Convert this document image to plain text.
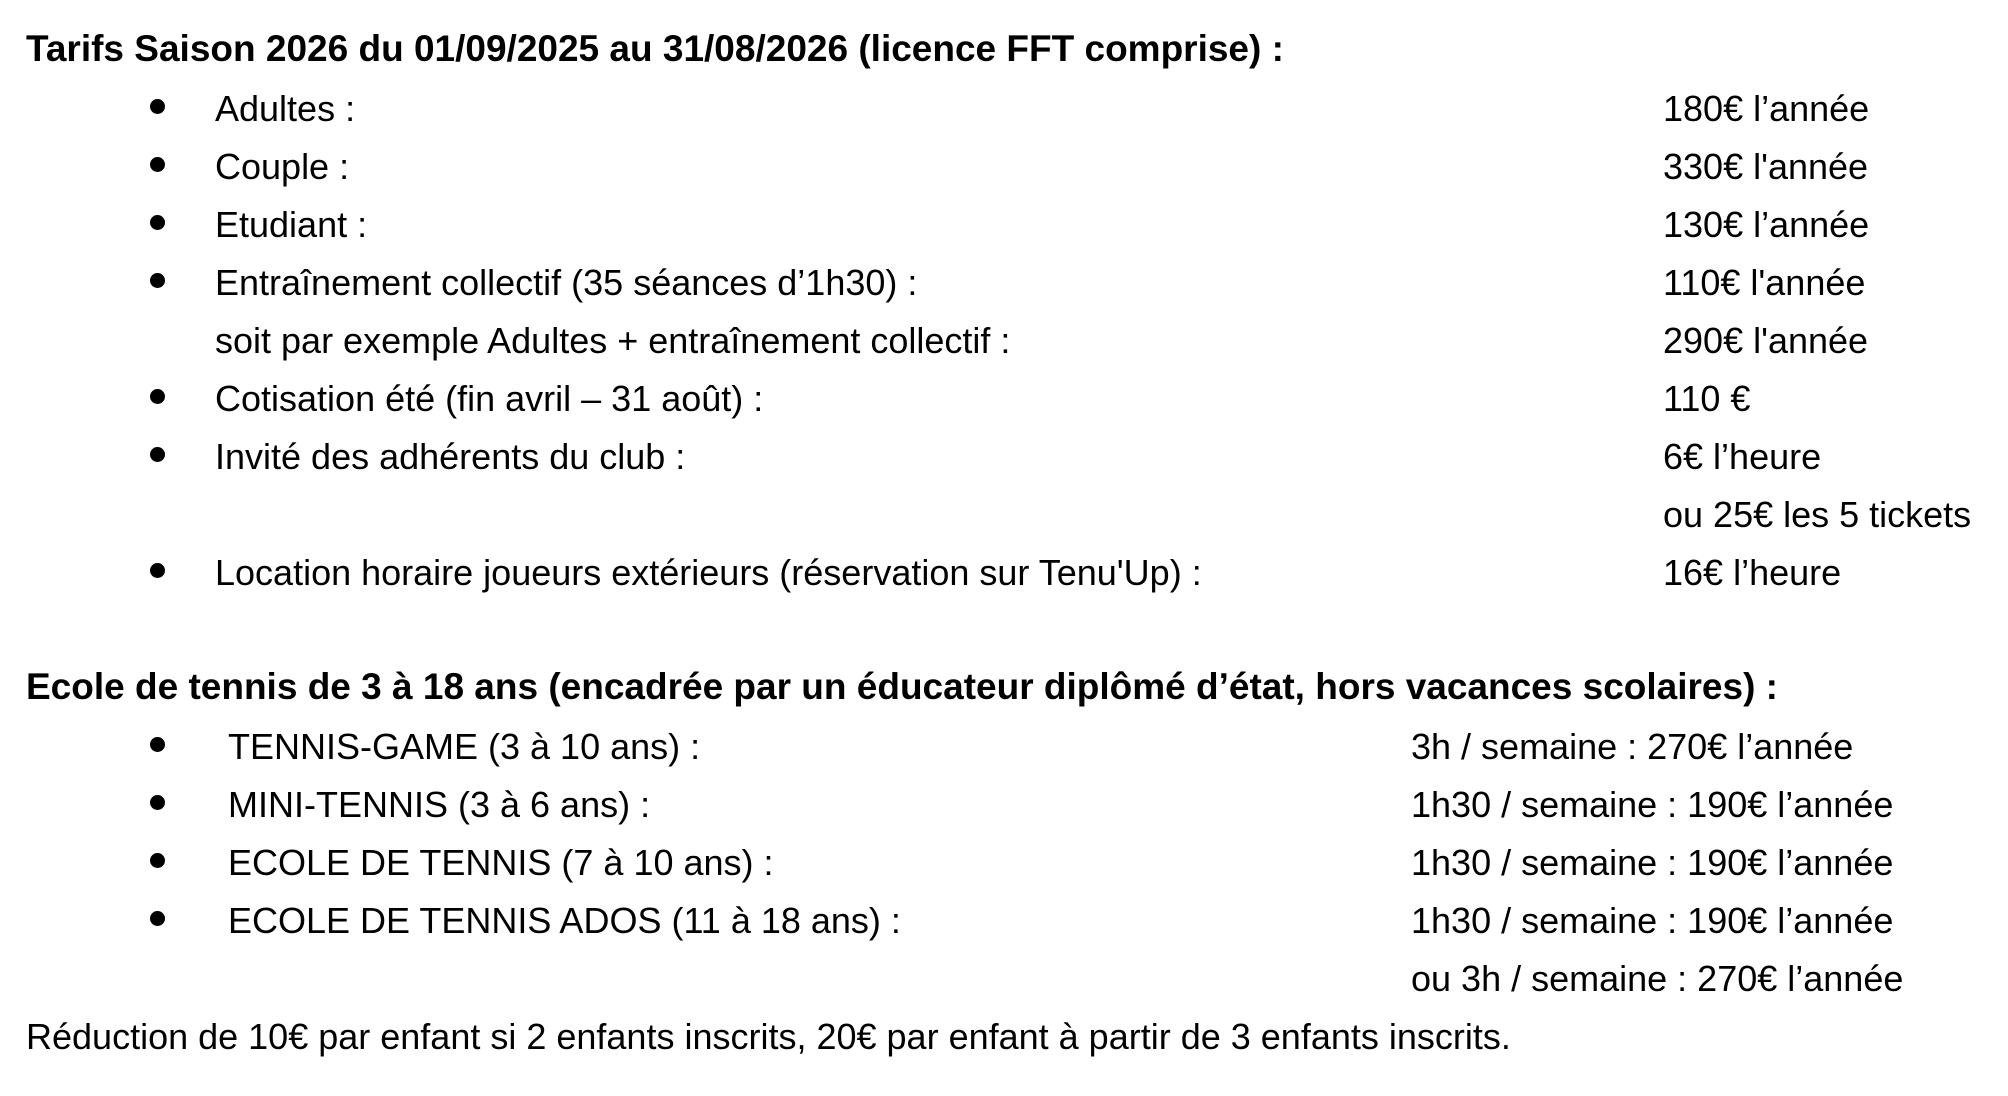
Tarifs Saison 2026 du 01/09/2025 au 31/08/2026 (licence FFT comprise) :
Adultes :	180€ l’année
Couple :	330€ l'année
Etudiant :	130€ l’année
Entraînement collectif (35 séances d’1h30) :	110€ l'année
soit par exemple Adultes + entraînement collectif :	290€ l'année
Cotisation été (fin avril – 31 août) :	110 €
Invité des adhérents du club :	6€ l’heure
ou 25€ les 5 tickets
Location horaire joueurs extérieurs (réservation sur Tenu'Up) :	16€ l’heure
Ecole de tennis de 3 à 18 ans (encadrée par un éducateur diplômé d’état, hors vacances scolaires) :
TENNIS-GAME (3 à 10 ans) :	3h / semaine : 270€ l’année
MINI-TENNIS (3 à 6 ans) :	1h30 / semaine : 190€ l’année
ECOLE DE TENNIS (7 à 10 ans) :	1h30 / semaine : 190€ l’année
ECOLE DE TENNIS ADOS (11 à 18 ans) :	1h30 / semaine : 190€ l’année
ou 3h / semaine : 270€ l’année
Réduction de 10€ par enfant si 2 enfants inscrits, 20€ par enfant à partir de 3 enfants inscrits.
